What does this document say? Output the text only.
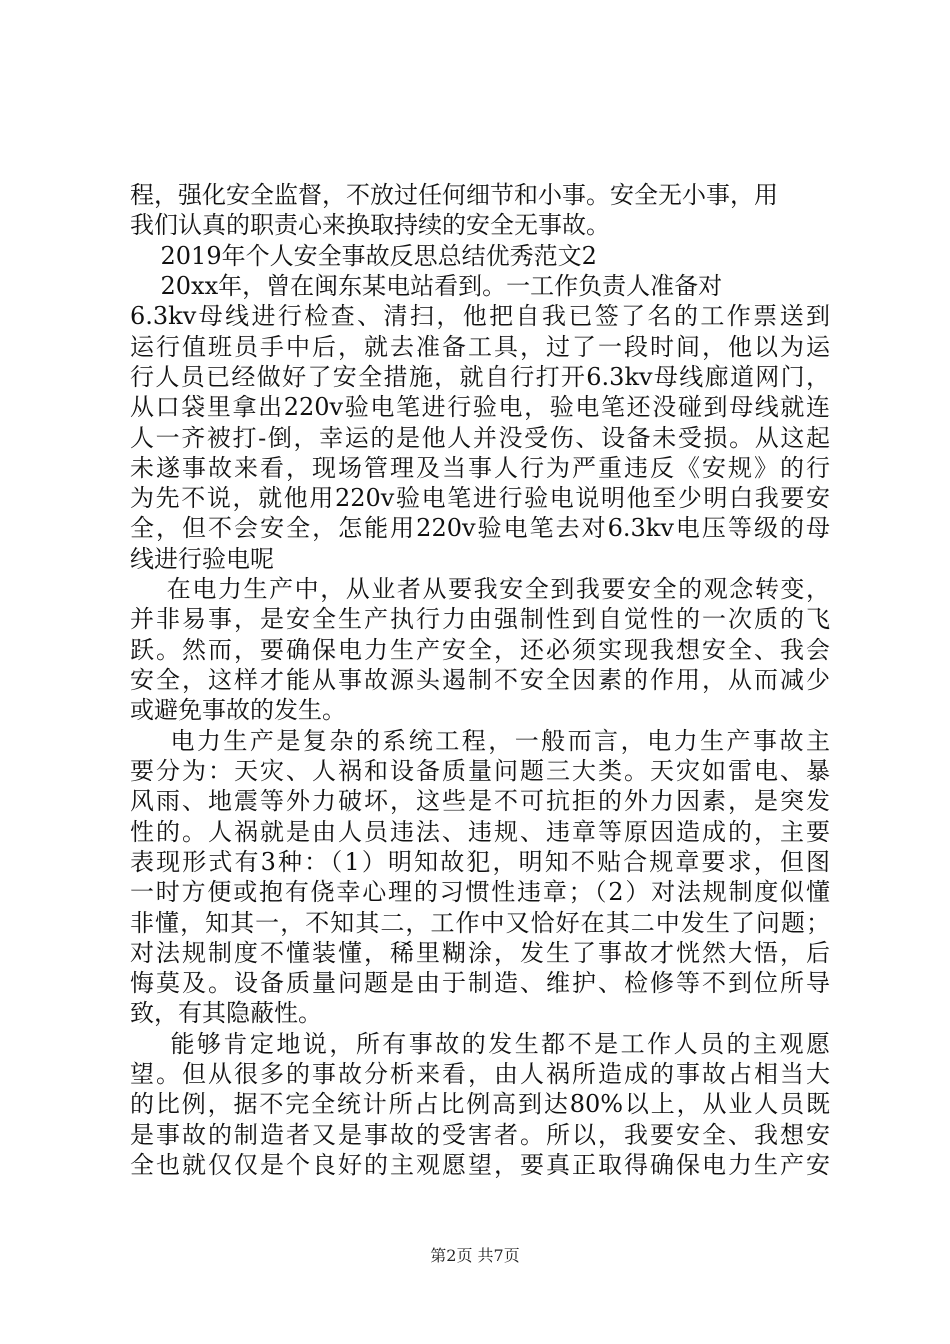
程，强化安全监督，不放过任何细节和小事。安全无小事，用
我们认真的职责心来换取持续的安全无事故。
2019年个人安全事故反思总结优秀范文2
20xx年，曾在闽东某电站看到。一工作负责人准备对
6.3kv母线进行检查、清扫，他把自我已签了名的工作票送到
运行值班员手中后，就去准备工具，过了一段时间，他以为运
行人员已经做好了安全措施，就自行打开6.3kv母线廊道网门，
从口袋里拿出220v验电笔进行验电，验电笔还没碰到母线就连
人一齐被打-倒，幸运的是他人并没受伤、设备未受损。从这起
未遂事故来看，现场管理及当事人行为严重违反《安规》的行
为先不说，就他用220v验电笔进行验电说明他至少明白我要安
全，但不会安全，怎能用220v验电笔去对6.3kv电压等级的母
线进行验电呢
在电力生产中，从业者从要我安全到我要安全的观念转变，
并非易事，是安全生产执行力由强制性到自觉性的一次质的飞
跃。然而，要确保电力生产安全，还必须实现我想安全、我会
安全，这样才能从事故源头遏制不安全因素的作用，从而减少
或避免事故的发生。
电力生产是复杂的系统工程，一般而言，电力生产事故主
要分为：天灾、人祸和设备质量问题三大类。天灾如雷电、暴
风雨、地震等外力破坏，这些是不可抗拒的外力因素，是突发
性的。人祸就是由人员违法、违规、违章等原因造成的，主要
表现形式有3种：（1）明知故犯，明知不贴合规章要求，但图
一时方便或抱有侥幸心理的习惯性违章；（2）对法规制度似懂
非懂，知其一，不知其二，工作中又恰好在其二中发生了问题；
对法规制度不懂装懂，稀里糊涂，发生了事故才恍然大悟，后
悔莫及。设备质量问题是由于制造、维护、检修等不到位所导
致，有其隐蔽性。
能够肯定地说，所有事故的发生都不是工作人员的主观愿
望。但从很多的事故分析来看，由人祸所造成的事故占相当大
的比例，据不完全统计所占比例高到达80%以上，从业人员既
是事故的制造者又是事故的受害者。所以，我要安全、我想安
全也就仅仅是个良好的主观愿望，要真正取得确保电力生产安
第2页 共7页
